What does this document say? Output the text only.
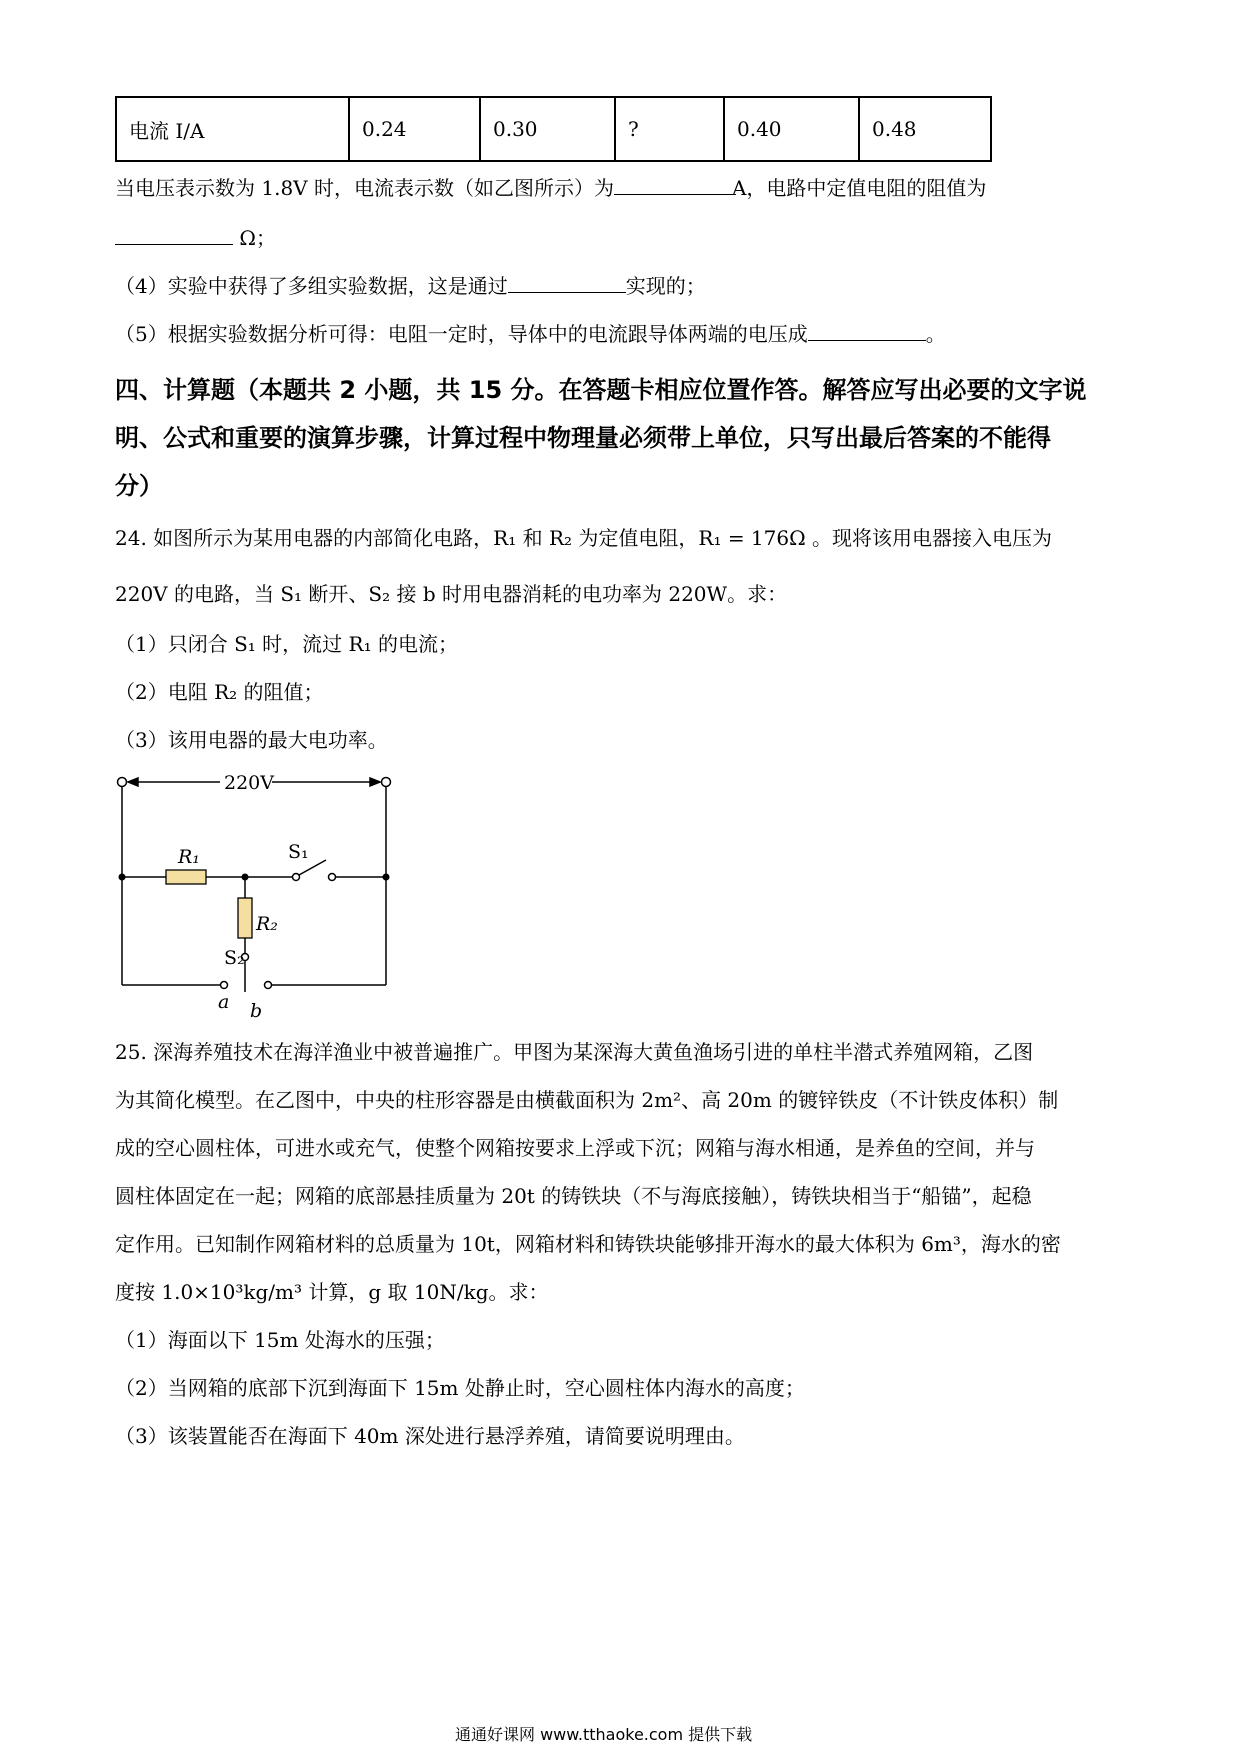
电流 I/A	0.24	0.30	?	0.40	0.48
当电压表示数为 1.8V 时，电流表示数（如乙图所示）为	A，电路中定值电阻的阻值为
Ω；
（4）实验中获得了多组实验数据，这是通过	实现的；
（5）根据实验数据分析可得：电阻一定时，导体中的电流跟导体两端的电压成	。
四、计算题（本题共 2 小题，共 15 分。在答题卡相应位置作答。解答应写出必要的文字说
明、公式和重要的演算步骤，计算过程中物理量必须带上单位，只写出最后答案的不能得
分）
24. 如图所示为某用电器的内部简化电路，R₁ 和 R₂ 为定值电阻，R₁ = 176Ω 。现将该用电器接入电压为
220V 的电路，当 S₁ 断开、S₂ 接 b 时用电器消耗的电功率为 220W。求：
（1）只闭合 S₁ 时，流过 R₁ 的电流；
（2）电阻 R₂ 的阻值；
（3）该用电器的最大电功率。
220V
R₁	S₁
R₂
S₂
a b
25. 深海养殖技术在海洋渔业中被普遍推广。甲图为某深海大黄鱼渔场引进的单柱半潜式养殖网箱，乙图
为其简化模型。在乙图中，中央的柱形容器是由横截面积为 2m²、高 20m 的镀锌铁皮（不计铁皮体积）制
成的空心圆柱体，可进水或充气，使整个网箱按要求上浮或下沉；网箱与海水相通，是养鱼的空间，并与
圆柱体固定在一起；网箱的底部悬挂质量为 20t 的铸铁块（不与海底接触），铸铁块相当于“船锚”，起稳
定作用。已知制作网箱材料的总质量为 10t，网箱材料和铸铁块能够排开海水的最大体积为 6m³，海水的密
度按 1.0×10³kg/m³ 计算，g 取 10N/kg。求：
（1）海面以下 15m 处海水的压强；
（2）当网箱的底部下沉到海面下 15m 处静止时，空心圆柱体内海水的高度；
（3）该装置能否在海面下 40m 深处进行悬浮养殖，请简要说明理由。
通通好课网 www.tthaoke.com 提供下载
